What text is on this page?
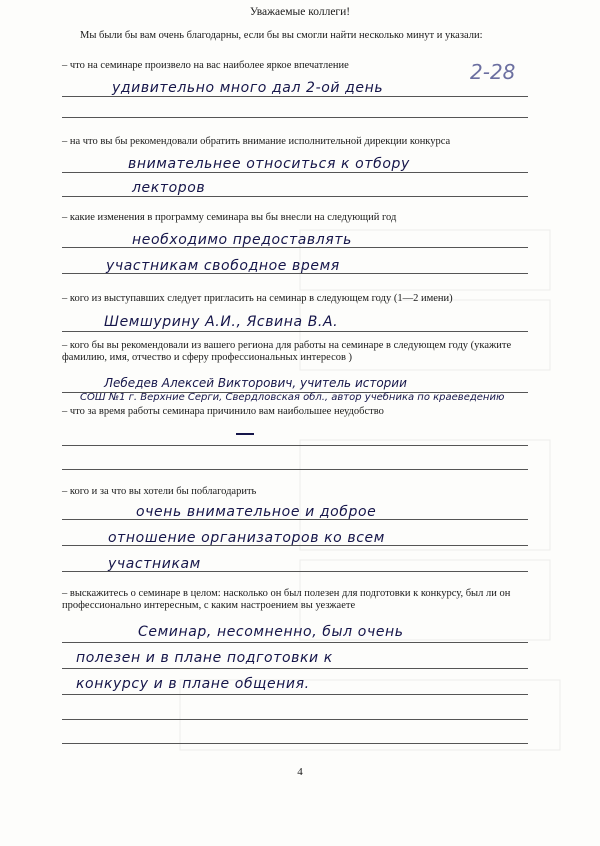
Уважаемые коллеги!
Мы были бы вам очень благодарны, если бы вы смогли найти несколько минут и указали:
2-28
– что на семинаре произвело на вас наиболее яркое впечатление
удивительно много дал 2-ой день
– на что вы бы рекомендовали обратить внимание исполнительной дирекции конкурса
внимательнее относиться к отбору
лекторов
– какие изменения в программу семинара вы бы внесли на следующий год
необходимо предоставлять
участникам свободное время
– кого из выступавших следует пригласить на семинар в следующем году (1—2 имени)
Шемшурину А.И., Ясвина В.А.
– кого бы вы рекомендовали из вашего региона для работы на семинаре в следующем году (укажите фамилию, имя, отчество и сферу профессиональных интересов )
Лебедев Алексей Викторович, учитель истории
СОШ №1 г. Верхние Серги, Свердловская обл., автор учебника по краеведению
– что за время работы семинара причинило вам наибольшее неудобство
– кого и за что вы хотели бы поблагодарить
очень внимательное и доброе
отношение организаторов ко всем
участникам
– выскажитесь о семинаре в целом: насколько он был полезен для подготовки к конкурсу, был ли он профессионально интересным, с каким настроением вы уезжаете
Семинар, несомненно, был очень
полезен и в плане подготовки к
конкурсу и в плане общения.
4
